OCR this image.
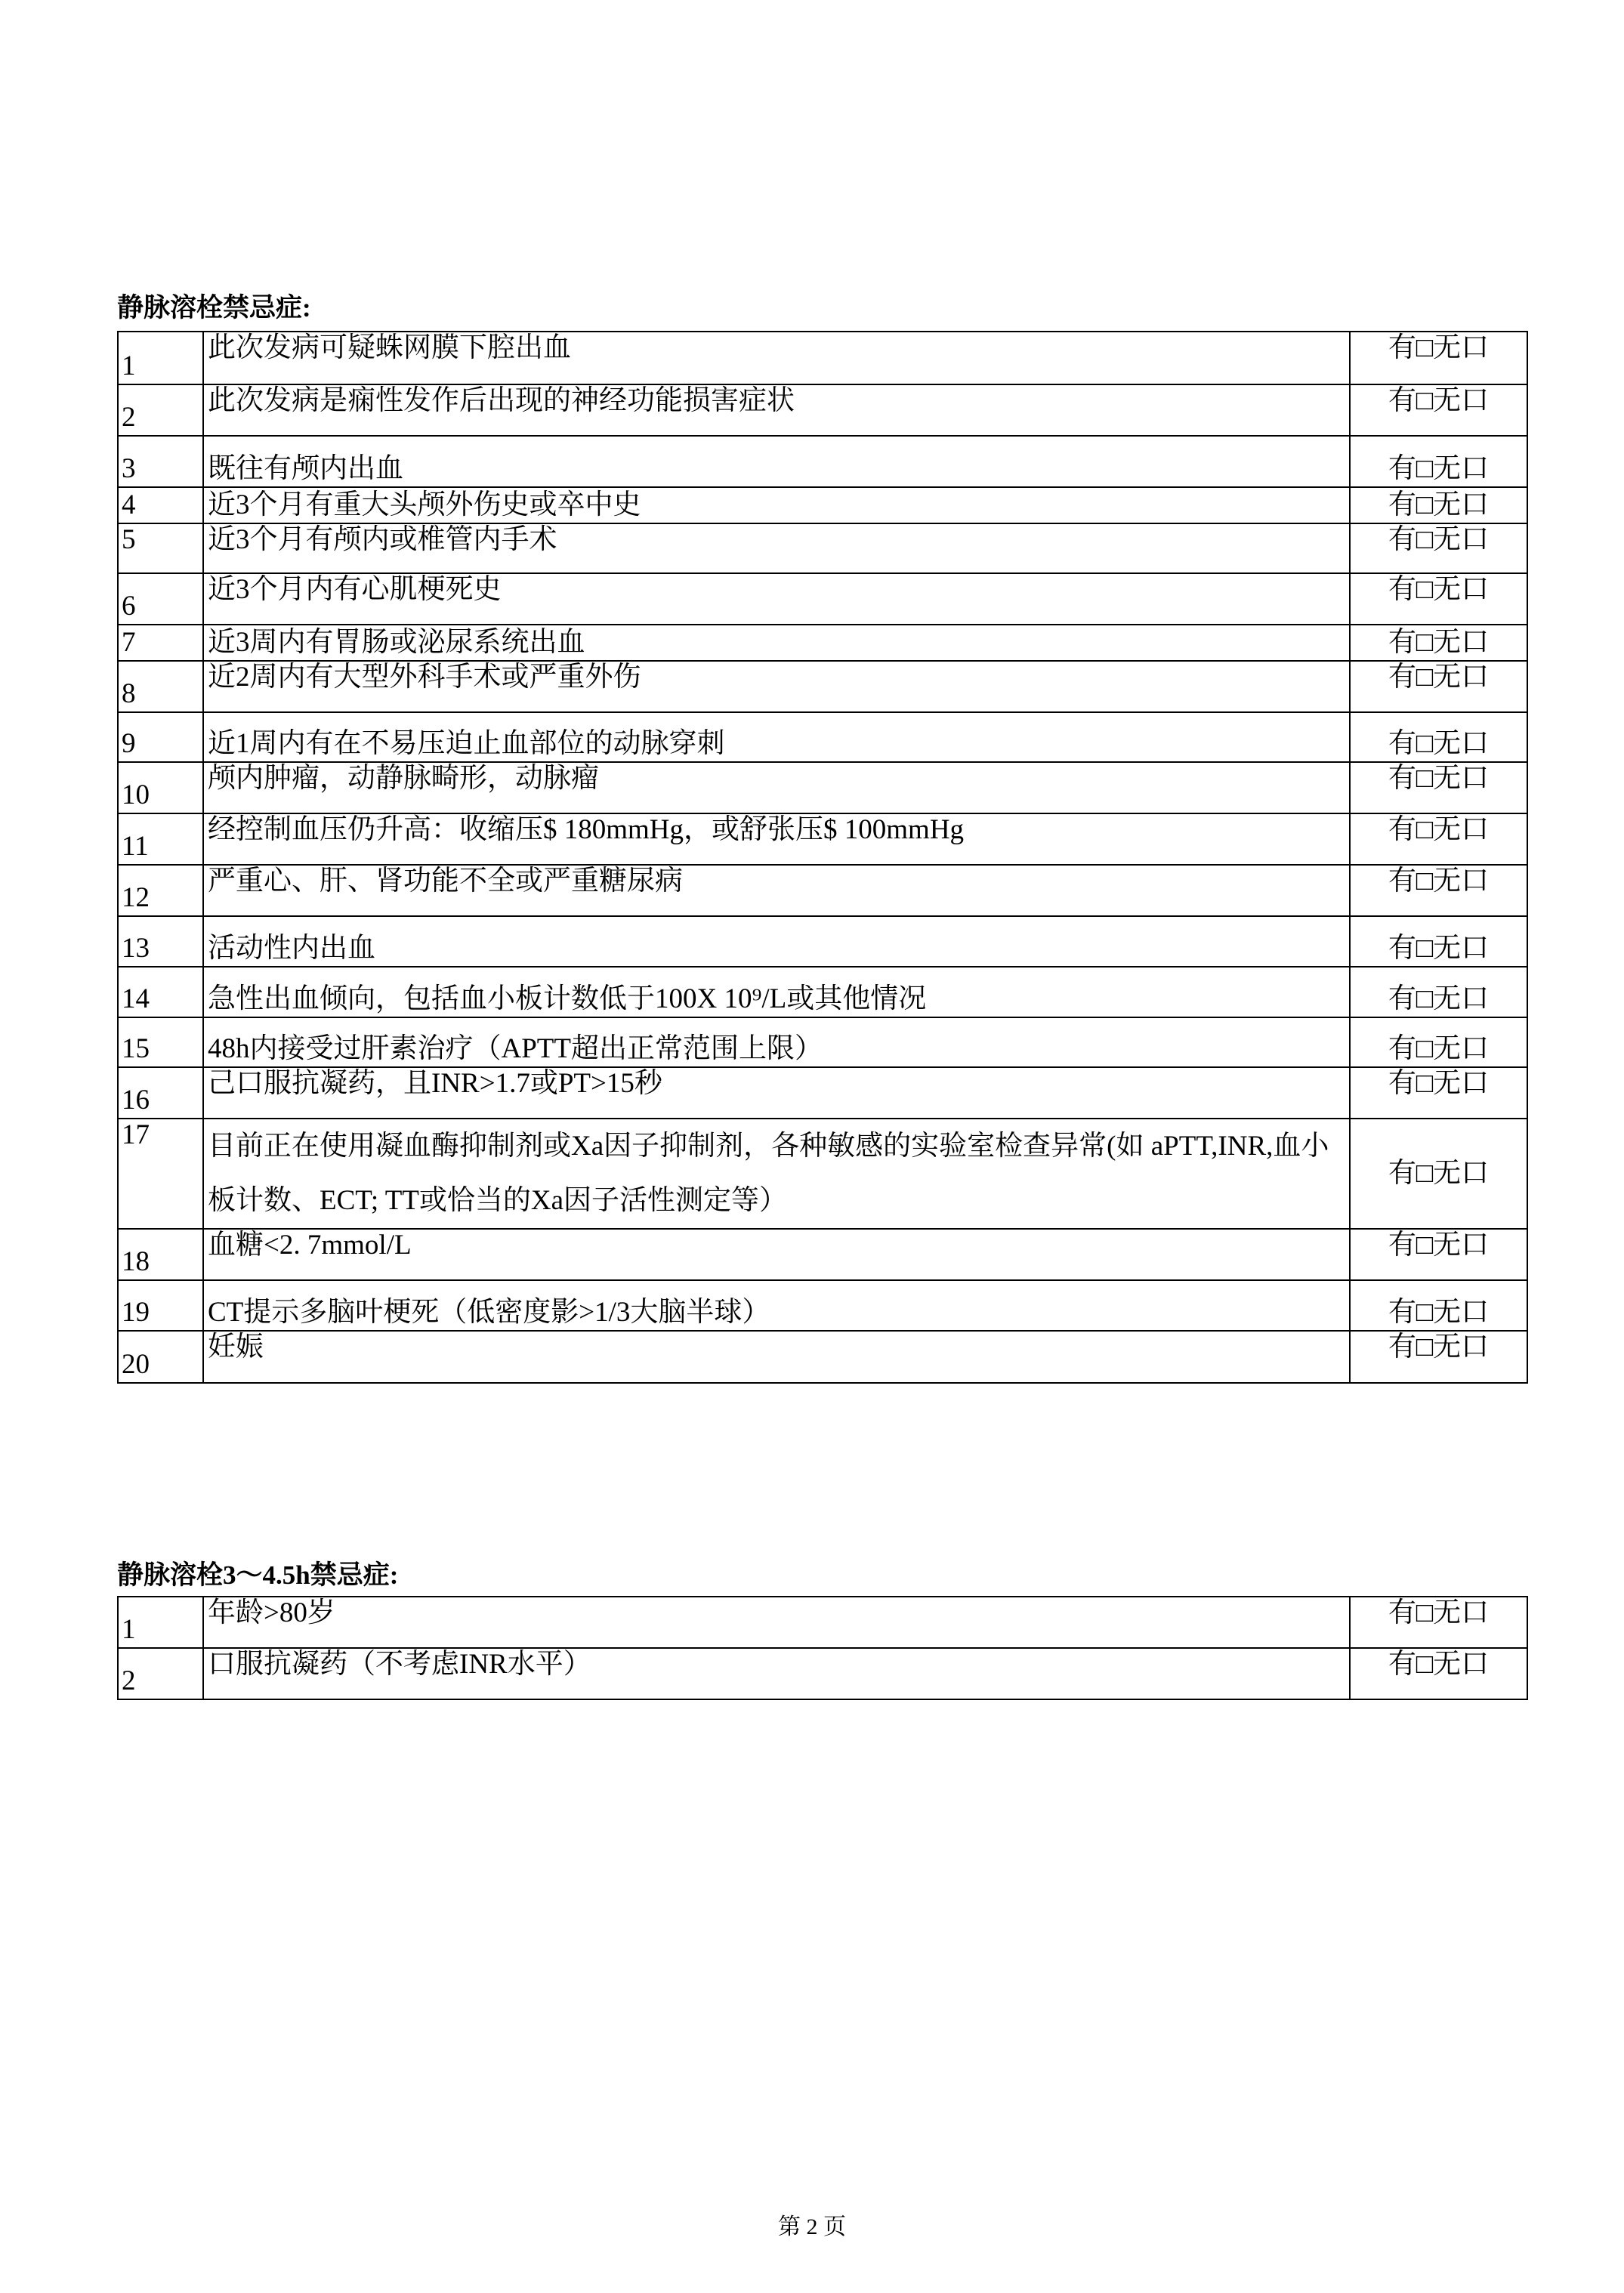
静脉溶栓禁忌症:
1	此次发病可疑蛛网膜下腔出血	有□无口
2	此次发病是痫性发作后出现的神经功能损害症状	有□无口
3	既往有颅内出血	有□无口
4	近3个月有重大头颅外伤史或卒中史	有□无口
5	近3个月有颅内或椎管内手术	有□无口
6	近3个月内有心肌梗死史	有□无口
7	近3周内有胃肠或泌尿系统出血	有□无口
8	近2周内有大型外科手术或严重外伤	有□无口
9	近1周内有在不易压迫止血部位的动脉穿刺	有□无口
10	颅内肿瘤，动静脉畸形，动脉瘤	有□无口
11	经控制血压仍升高：收缩压$ 180mmHg，或舒张压$ 100mmHg	有□无口
12	严重心、肝、肾功能不全或严重糖尿病	有□无口
13	活动性内出血	有□无口
14	急性出血倾向，包括血小板计数低于100X 10⁹/L或其他情况	有□无口
15	48h内接受过肝素治疗（APTT超出正常范围上限）	有□无口
16	己口服抗凝药，且INR>1.7或PT>15秒	有□无口
17	目前正在使用凝血酶抑制剂或Xa因子抑制剂，各种敏感的实验室检查异常(如 aPTT,INR,血小板计数、ECT; TT或恰当的Xa因子活性测定等）	有□无口
18	血糖<2. 7mmol/L	有□无口
19	CT提示多脑叶梗死（低密度影>1/3大脑半球）	有□无口
20	妊娠	有□无口
静脉溶栓3～4.5h禁忌症:
1	年龄>80岁	有□无口
2	口服抗凝药（不考虑INR水平）	有□无口
第 2 页
